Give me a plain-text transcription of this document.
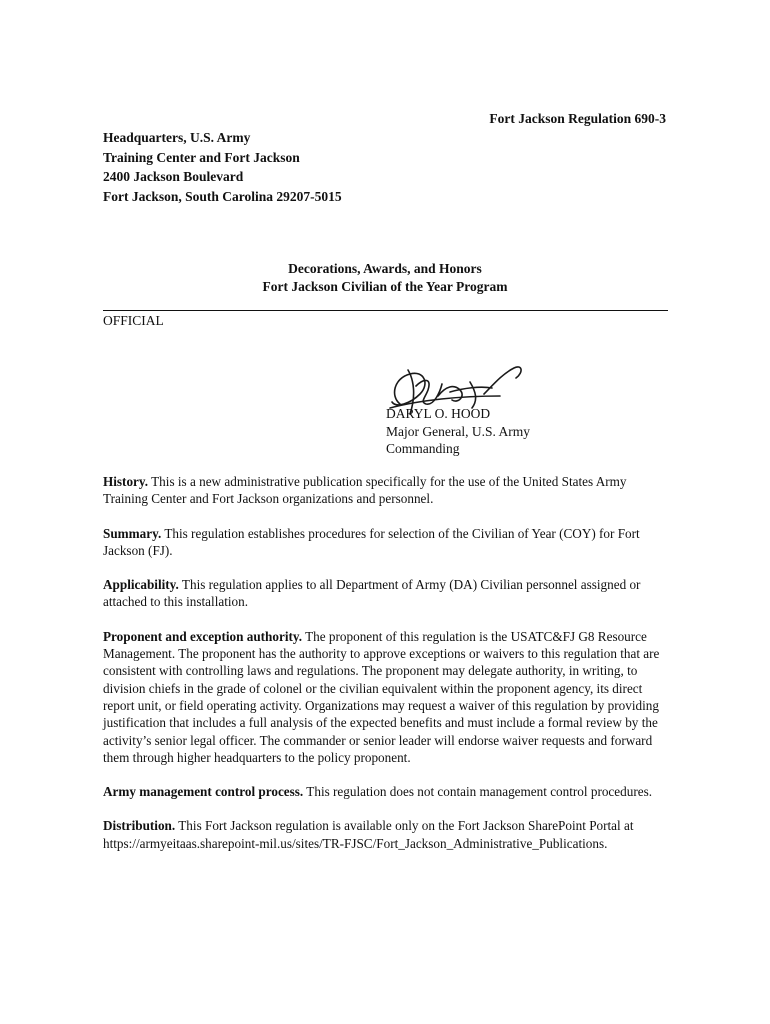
Fort Jackson Regulation 690-3
Headquarters, U.S. Army
Training Center and Fort Jackson
2400 Jackson Boulevard
Fort Jackson, South Carolina 29207-5015
Decorations, Awards, and Honors
Fort Jackson Civilian of the Year Program
OFFICIAL
DARYL O. HOOD
Major General, U.S. Army
Commanding

History. This is a new administrative publication specifically for the use of the United States Army Training Center and Fort Jackson organizations and personnel.

Summary. This regulation establishes procedures for selection of the Civilian of Year (COY) for Fort Jackson (FJ).

Applicability. This regulation applies to all Department of Army (DA) Civilian personnel assigned or attached to this installation.

Proponent and exception authority. The proponent of this regulation is the USATC&FJ G8 Resource Management. The proponent has the authority to approve exceptions or waivers to this regulation that are consistent with controlling laws and regulations. The proponent may delegate authority, in writing, to division chiefs in the grade of colonel or the civilian equivalent within the proponent agency, its direct report unit, or field operating activity. Organizations may request a waiver of this regulation by providing justification that includes a full analysis of the expected benefits and must include a formal review by the activity’s senior legal officer. The commander or senior leader will endorse waiver requests and forward them through higher headquarters to the policy proponent.

Army management control process. This regulation does not contain management control procedures.

Distribution. This Fort Jackson regulation is available only on the Fort Jackson SharePoint Portal at
https://armyeitaas.sharepoint-mil.us/sites/TR-FJSC/Fort_Jackson_Administrative_Publications.
